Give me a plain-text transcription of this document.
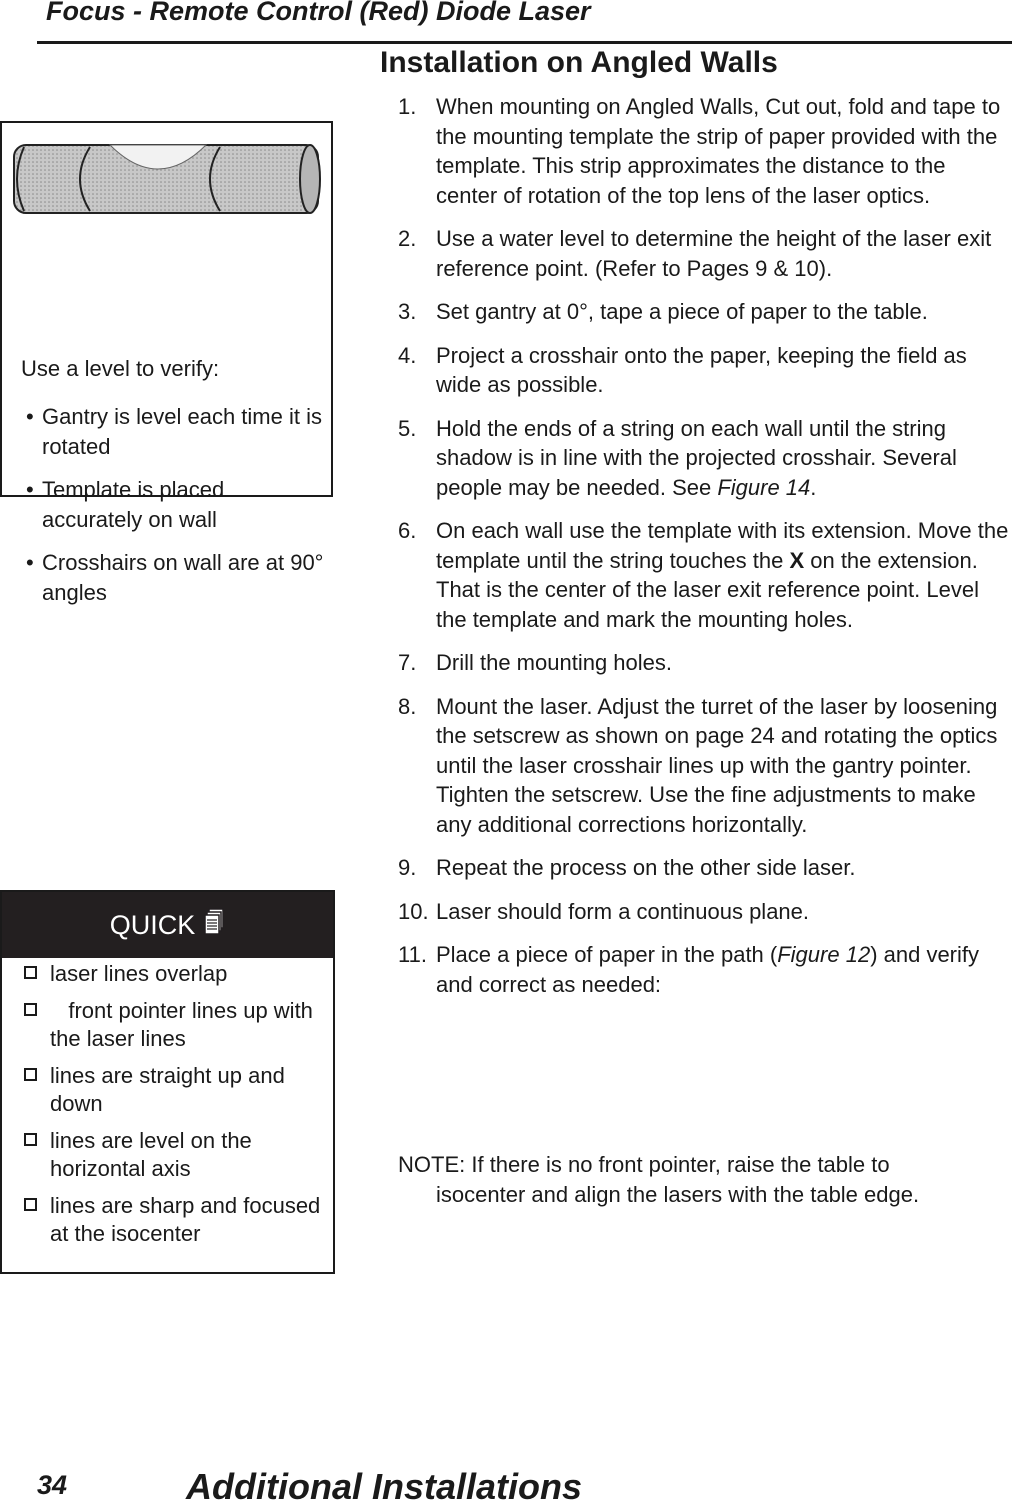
Focus - Remote Control (Red) Diode Laser
Installation on Angled Walls
1. When mounting on Angled Walls, Cut out, fold and tape to the mounting template the strip of paper provided with the template. This strip approximates the distance to the center of rotation of the top lens of the laser optics.
2. Use a water level to determine the height of the laser exit reference point. (Refer to Pages 9 & 10).
3. Set gantry at 0°, tape a piece of paper to the table.
4. Project a crosshair onto the paper, keeping the field as wide as possible.
5. Hold the ends of a string on each wall until the string shadow is in line with the projected crosshair. Several people may be needed. See Figure 14.
6. On each wall use the template with its extension. Move the template until the string touches the X on the extension. That is the center of the laser exit reference point. Level the template and mark the mounting holes.
7. Drill the mounting holes.
8. Mount the laser. Adjust the turret of the laser by loosening the setscrew as shown on page 24 and rotating the optics until the laser crosshair lines up with the gantry pointer. Tighten the setscrew. Use the fine adjustments to make any additional corrections horizontally.
9. Repeat the process on the other side laser.
10. Laser should form a continuous plane.
11. Place a piece of paper in the path (Figure 12) and verify and correct as needed:
NOTE: If there is no front pointer, raise the table to
isocenter and align the lasers with the table edge.
Use a level to verify:
• Gantry is level each time it is rotated
• Template is placed accurately on wall
• Crosshairs on wall are at 90° angles
QUICK
laser lines overlap
front pointer lines up with the laser lines
lines are straight up and down
lines are level on the horizontal axis
lines are sharp and focused at the isocenter
34	Additional Installations
